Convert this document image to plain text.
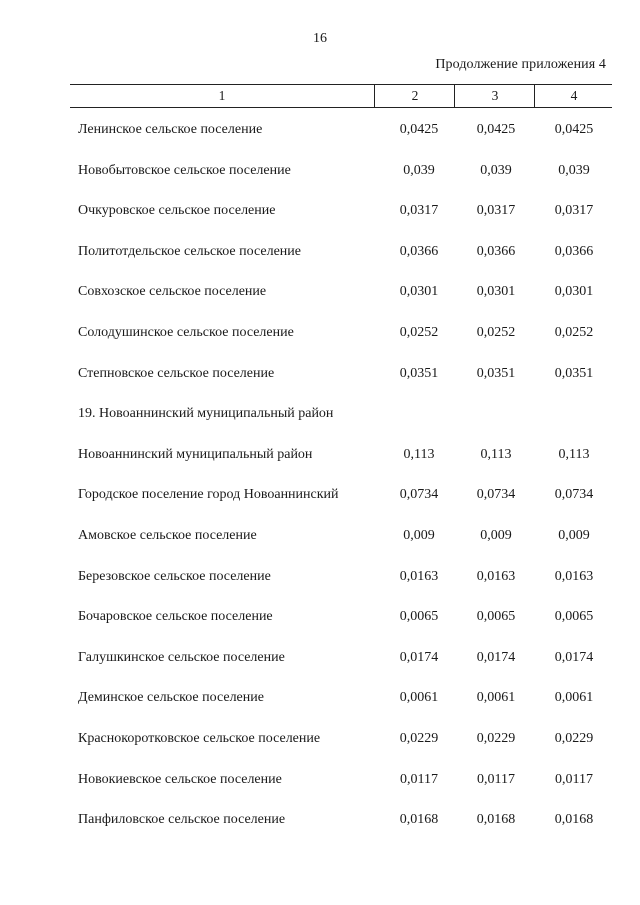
16
Продолжение приложения 4
1	2	3	4
Ленинское сельское поселение	0,0425	0,0425	0,0425
Новобытовское сельское поселение	0,039	0,039	0,039
Очкуровское сельское поселение	0,0317	0,0317	0,0317
Политотдельское сельское поселение	0,0366	0,0366	0,0366
Совхозское сельское поселение	0,0301	0,0301	0,0301
Солодушинское сельское поселение	0,0252	0,0252	0,0252
Степновское сельское поселение	0,0351	0,0351	0,0351
19. Новоаннинский муниципальный район
Новоаннинский муниципальный район	0,113	0,113	0,113
Городское поселение город Новоаннинский	0,0734	0,0734	0,0734
Амовское сельское поселение	0,009	0,009	0,009
Березовское сельское поселение	0,0163	0,0163	0,0163
Бочаровское сельское поселение	0,0065	0,0065	0,0065
Галушкинское сельское поселение	0,0174	0,0174	0,0174
Деминское сельское поселение	0,0061	0,0061	0,0061
Краснокоротковское сельское поселение	0,0229	0,0229	0,0229
Новокиевское сельское поселение	0,0117	0,0117	0,0117
Панфиловское сельское поселение	0,0168	0,0168	0,0168
